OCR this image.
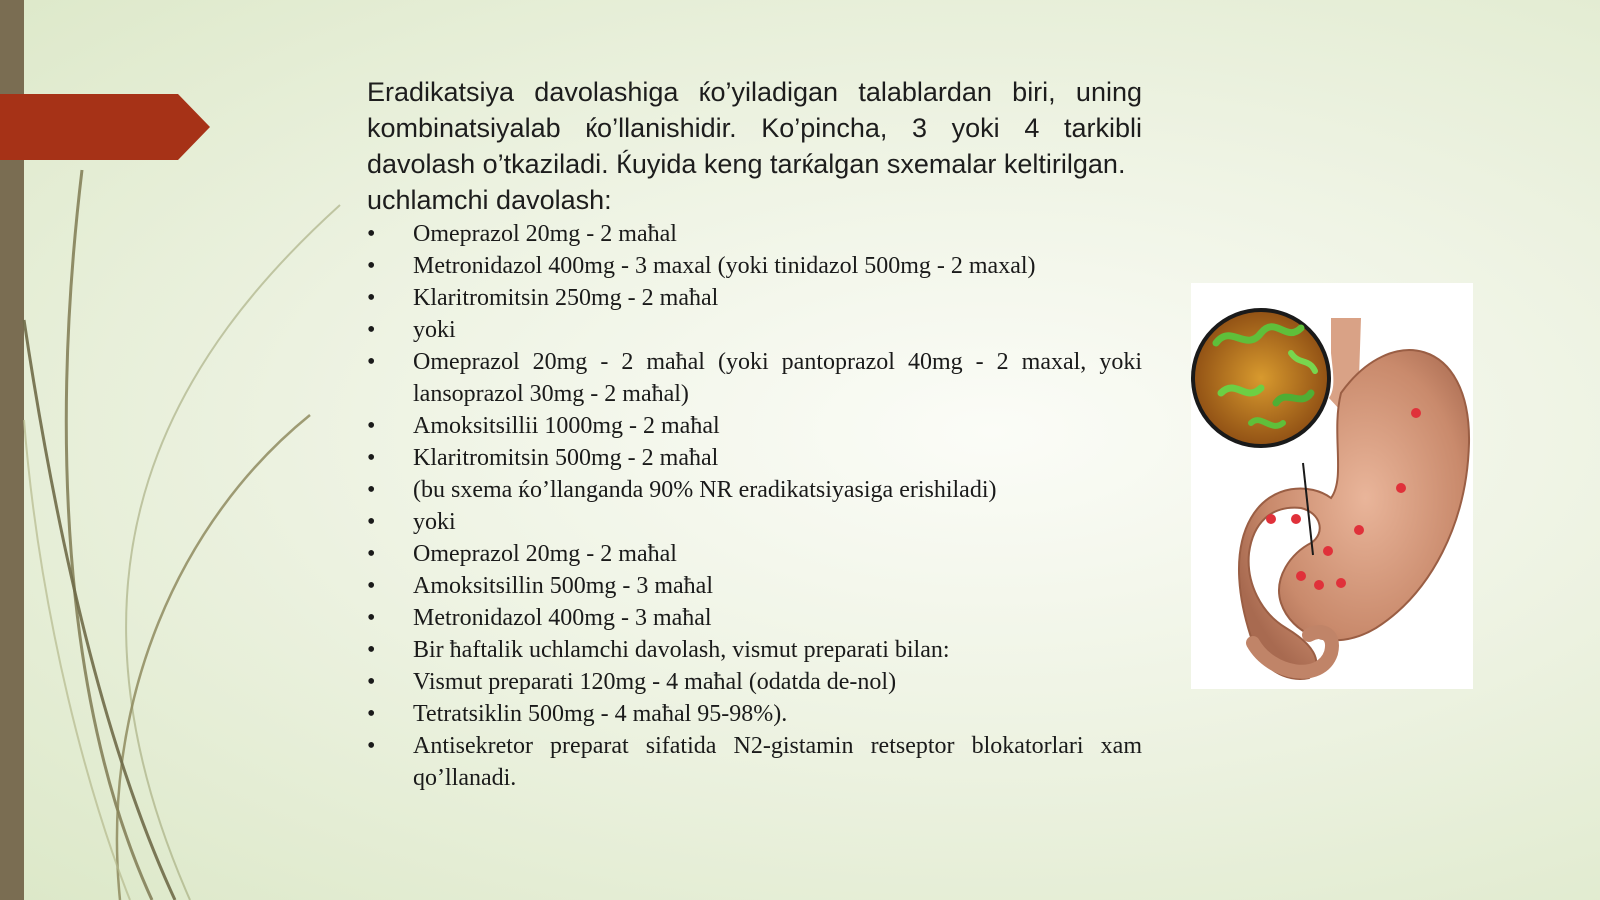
Eradikatsiya davolashiga ќo’yiladigan talablardan biri, uning kombinatsiyalab ќo’llanishidir. Ko’pincha, 3 yoki 4 tarkibli davolash o’tkaziladi. Ќuyida keng tarќalgan sxemalar keltirilgan.

uchlamchi davolash:

• Omeprazol 20mg - 2 maħal
• Metronidazol 400mg - 3 maxal (yoki tinidazol 500mg - 2 maxal)
• Klaritromitsin 250mg - 2 maħal
• yoki
• Omeprazol 20mg - 2 maħal (yoki pantoprazol 40mg - 2 maxal, yoki lansoprazol 30mg - 2 maħal)
• Amoksitsillii 1000mg - 2 maħal
• Klaritromitsin 500mg - 2 maħal
• (bu sxema ќo’llanganda 90% NR eradikatsiyasiga erishiladi)
• yoki
• Omeprazol 20mg - 2 maħal
• Amoksitsillin 500mg - 3 maħal
• Metronidazol 400mg - 3 maħal
• Bir ħaftalik uchlamchi davolash, vismut preparati bilan:
• Vismut preparati 120mg - 4 maħal (odatda de-nol)
• Tetratsiklin 500mg - 4 maħal 95-98%).
• Antisekretor preparat sifatida N2-gistamin retseptor blokatorlari xam qo’llanadi.
